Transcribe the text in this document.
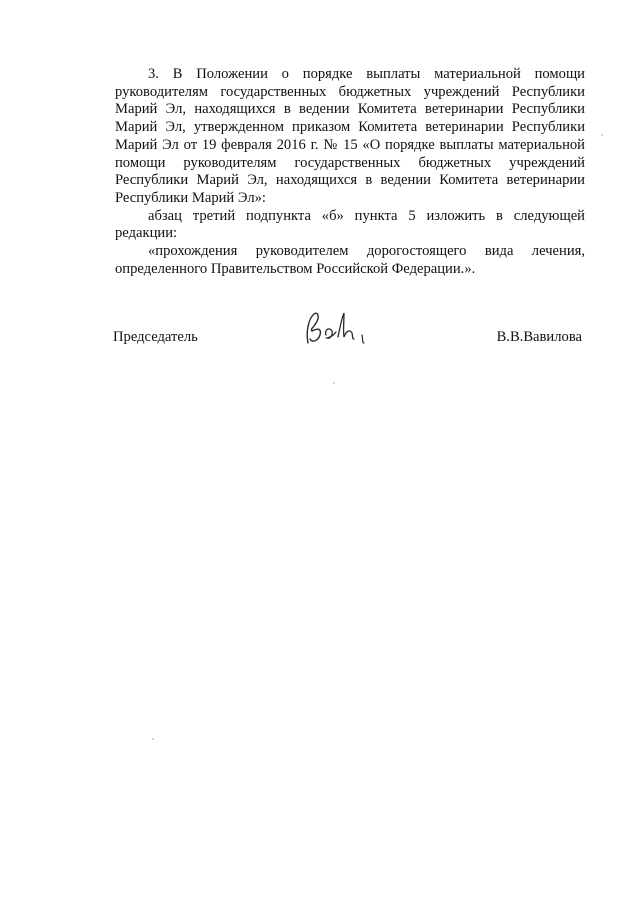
3. В Положении о порядке выплаты материальной помощи руководителям государственных бюджетных учреждений Республики Марий Эл, находящихся в ведении Комитета ветеринарии Республики Марий Эл, утвержденном приказом Комитета ветеринарии Республики Марий Эл от 19 февраля 2016 г. № 15 «О порядке выплаты материальной помощи руководителям государственных бюджетных учреждений Республики Марий Эл, находящихся в ведении Комитета ветеринарии Республики Марий Эл»:

абзац третий подпункта «б» пункта 5 изложить в следующей редакции:

«прохождения руководителем дорогостоящего вида лечения, определенного Правительством Российской Федерации.».

Председатель	В.В.Вавилова
